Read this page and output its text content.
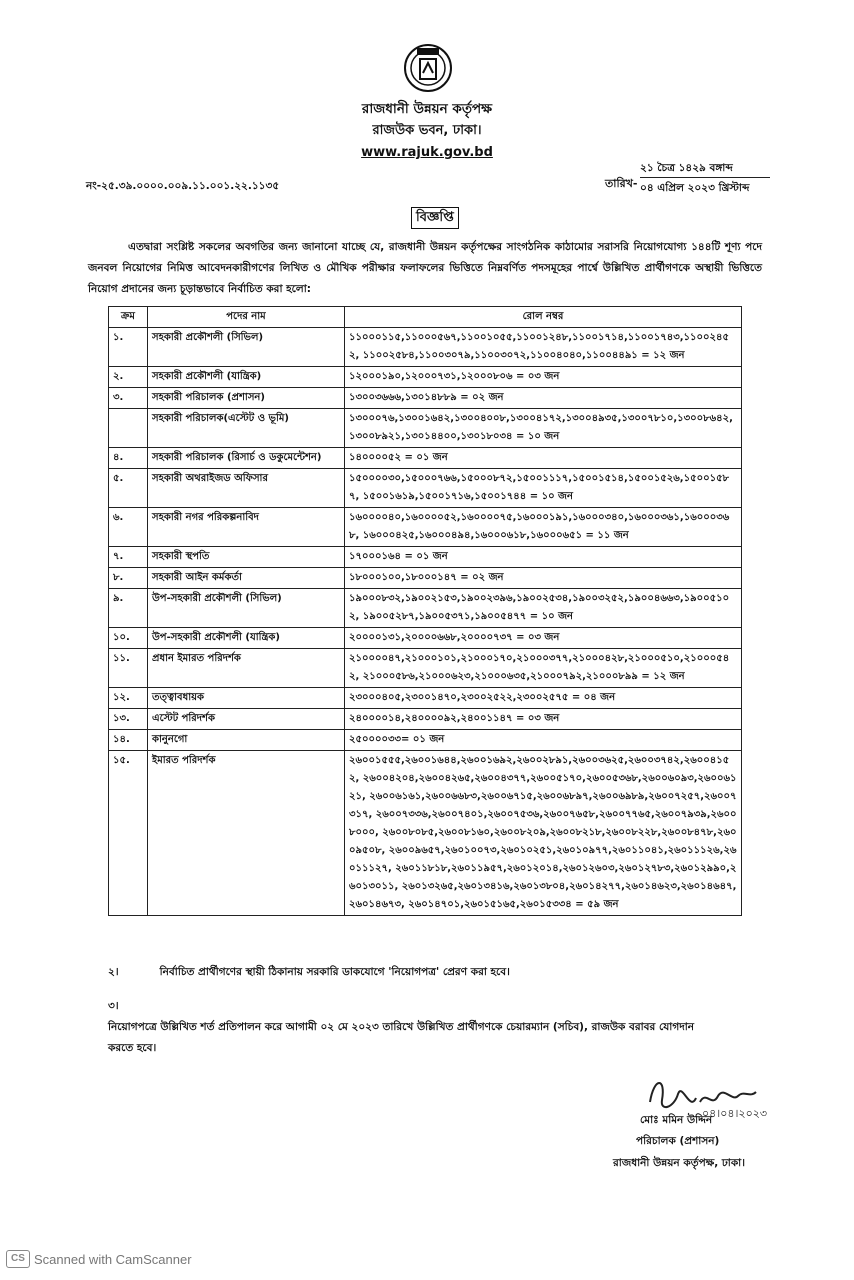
রাজধানী উন্নয়ন কর্তৃপক্ষ
রাজউক ভবন, ঢাকা।
www.rajuk.gov.bd
নং-২৫.৩৯.০০০০.০০৯.১১.০০১.২২.১১৩৫	তারিখ-
২১ চৈত্র ১৪২৯ বঙ্গাব্দ
০৪ এপ্রিল ২০২৩ খ্রিস্টাব্দ
বিজ্ঞপ্তি
এতদ্বারা সংশ্লিষ্ট সকলের অবগতির জন্য জানানো যাচ্ছে যে, রাজধানী উন্নয়ন কর্তৃপক্ষের সাংগঠনিক কাঠামোর সরাসরি নিয়োগযোগ্য ১৪৪টি শূণ্য পদে জনবল নিয়োগের নিমিত্ত আবেদনকারীগণের লিখিত ও মৌখিক পরীক্ষার ফলাফলের ভিত্তিতে নিম্নবর্ণিত পদসমূহের পার্শ্বে উল্লিখিত প্রার্থীগণকে অস্থায়ী ভিত্তিতে নিয়োগ প্রদানের জন্য চূড়ান্তভাবে নির্বাচিত করা হলো:
ক্রম	পদের নাম	রোল নম্বর
১.	সহকারী প্রকৌশলী (সিভিল)	১১০০০১১৫,১১০০০৫৬৭,১১০০১০৫৫,১১০০১২৪৮,১১০০১৭১৪,১১০০১৭৪৩,১১০০২৪৫২, ১১০০২৫৮৪,১১০০৩০৭৯,১১০০৩০৭২,১১০০৪০৪০,১১০০৪৪৯১ = ১২ জন
২.	সহকারী প্রকৌশলী (যান্ত্রিক)	১২০০০১৯০,১২০০০৭৩১,১২০০০৮০৬ = ০৩ জন
৩.	সহকারী পরিচালক (প্রশাসন)	১৩০০৩৬৬৬,১৩০১৪৮৮৯ = ০২ জন
	সহকারী পরিচালক(এস্টেট ও ভূমি)	১৩০০০৭৬,১৩০০১৬৪২,১৩০০৪০০৮,১৩০০৪১৭২,১৩০০৪৯৩৫,১৩০০৭৮১০,১৩০০৮৬৪২, ১৩০০৮৯২১,১৩০১৪৪০০,১৩০১৮০৩৪ = ১০ জন
৪.	সহকারী পরিচালক (রিসার্চ ও ডকুমেন্টেশন)	১৪০০০০৫২ = ০১ জন
৫.	সহকারী অথরাইজড অফিসার	১৫০০০০৩০,১৫০০০৭৬৬,১৫০০০৮৭২,১৫০০১১১৭,১৫০০১৫১৪,১৫০০১৫২৬,১৫০০১৫৮৭, ১৫০০১৬১৯,১৫০০১৭১৬,১৫০০১৭৪৪ = ১০ জন
৬.	সহকারী নগর পরিকল্পনাবিদ	১৬০০০০৪০,১৬০০০০৫২,১৬০০০০৭৫,১৬০০০১৯১,১৬০০০৩৪০,১৬০০০৩৬১,১৬০০০৩৬৮, ১৬০০০৪২৫,১৬০০০৪৯৪,১৬০০০৬১৮,১৬০০০৬৫১ = ১১ জন
৭.	সহকারী স্থপতি	১৭০০০১৬৪ = ০১ জন
৮.	সহকারী আইন কর্মকর্তা	১৮০০০১০০,১৮০০০১৪৭ = ০২ জন
৯.	উপ-সহকারী প্রকৌশলী (সিভিল)	১৯০০০৮৩২,১৯০০২১৫৩,১৯০০২৩৯৬,১৯০০২৫৩৪,১৯০০৩২৫২,১৯০০৪৬৬৩,১৯০০৫১০২, ১৯০০৫২৮৭,১৯০০৫৩৭১,১৯০০৫৪৭৭ = ১০ জন
১০.	উপ-সহকারী প্রকৌশলী (যান্ত্রিক)	২০০০০১৩১,২০০০০৬৬৮,২০০০০৭৩৭ = ০৩ জন
১১.	প্রধান ইমারত পরিদর্শক	২১০০০০৪৭,২১০০০১০১,২১০০০১৭০,২১০০০৩৭৭,২১০০০৪২৮,২১০০০৫১০,২১০০০৫৪২, ২১০০০৫৮৬,২১০০০৬২৩,২১০০০৬৩৫,২১০০০৭৯২,২১০০০৮৯৯ = ১২ জন
১২.	তত্ত্বাবধায়ক	২৩০০০৪০৫,২৩০০১৪৭০,২৩০০২৫২২,২৩০০২৫৭৫ = ০৪ জন
১৩.	এস্টেট পরিদর্শক	২৪০০০০১৪,২৪০০০০৯২,২৪০০১১৪৭ = ০৩ জন
১৪.	কানুনগো	২৫০০০০৩৩= ০১ জন
১৫.	ইমারত পরিদর্শক	২৬০০১৫৫৫,২৬০০১৬৪৪,২৬০০১৬৯২,২৬০০২৮৯১,২৬০০৩৬২৫,২৬০০৩৭৪২,২৬০০৪১৫২, ২৬০০৪২০৪,২৬০০৪২৬৫,২৬০০৪৩৭৭,২৬০০৫১৭০,২৬০০৫৩৬৮,২৬০০৬০৯৩,২৬০০৬১২১, ২৬০০৬১৬১,২৬০০৬৬৮৩,২৬০০৬৭১৫,২৬০০৬৮৯৭,২৬০০৬৯৮৯,২৬০০৭২৫৭,২৬০০৭৩১৭, ২৬০০৭৩৩৬,২৬০০৭৪০১,২৬০০৭৫৩৬,২৬০০৭৬৫৮,২৬০০৭৭৬৫,২৬০০৭৯৩৯,২৬০০৮০০০, ২৬০০৮০৮৫,২৬০০৮১৬০,২৬০০৮২০৯,২৬০০৮২১৮,২৬০০৮২২৮,২৬০০৮৪৭৮,২৬০০৯৫০৮, ২৬০০৯৬৫৭,২৬০১০০৭৩,২৬০১০২৫১,২৬০১০৯৭৭,২৬০১১০৪১,২৬০১১১২৬,২৬০১১১২৭, ২৬০১১৮১৮,২৬০১১৯৫৭,২৬০১২০১৪,২৬০১২৬০৩,২৬০১২৭৮৩,২৬০১২৯৯০,২৬০১৩০১১, ২৬০১৩২৬৫,২৬০১৩৪১৬,২৬০১৩৮০৪,২৬০১৪২৭৭,২৬০১৪৬২৩,২৬০১৪৬৪৭,২৬০১৪৬৭৩, ২৬০১৪৭০১,২৬০১৫১৬৫,২৬০১৫৩৩৪ = ৫৯ জন
২।	নির্বাচিত প্রার্থীগণের স্থায়ী ঠিকানায় সরকারি ডাকযোগে 'নিয়োগপত্র' প্রেরণ করা হবে।
৩। নিয়োগপত্রে উল্লিখিত শর্ত প্রতিপালন করে আগামী ০২ মে ২০২৩ তারিখে উল্লিখিত প্রার্থীগণকে চেয়ারম্যান (সচিব), রাজউক বরাবর যোগদান করতে হবে।
০৪।০৪।২০২৩
মোঃ মমিন উদ্দিন
পরিচালক (প্রশাসন)
রাজধানী উন্নয়ন কর্তৃপক্ষ, ঢাকা।
CS Scanned with CamScanner
